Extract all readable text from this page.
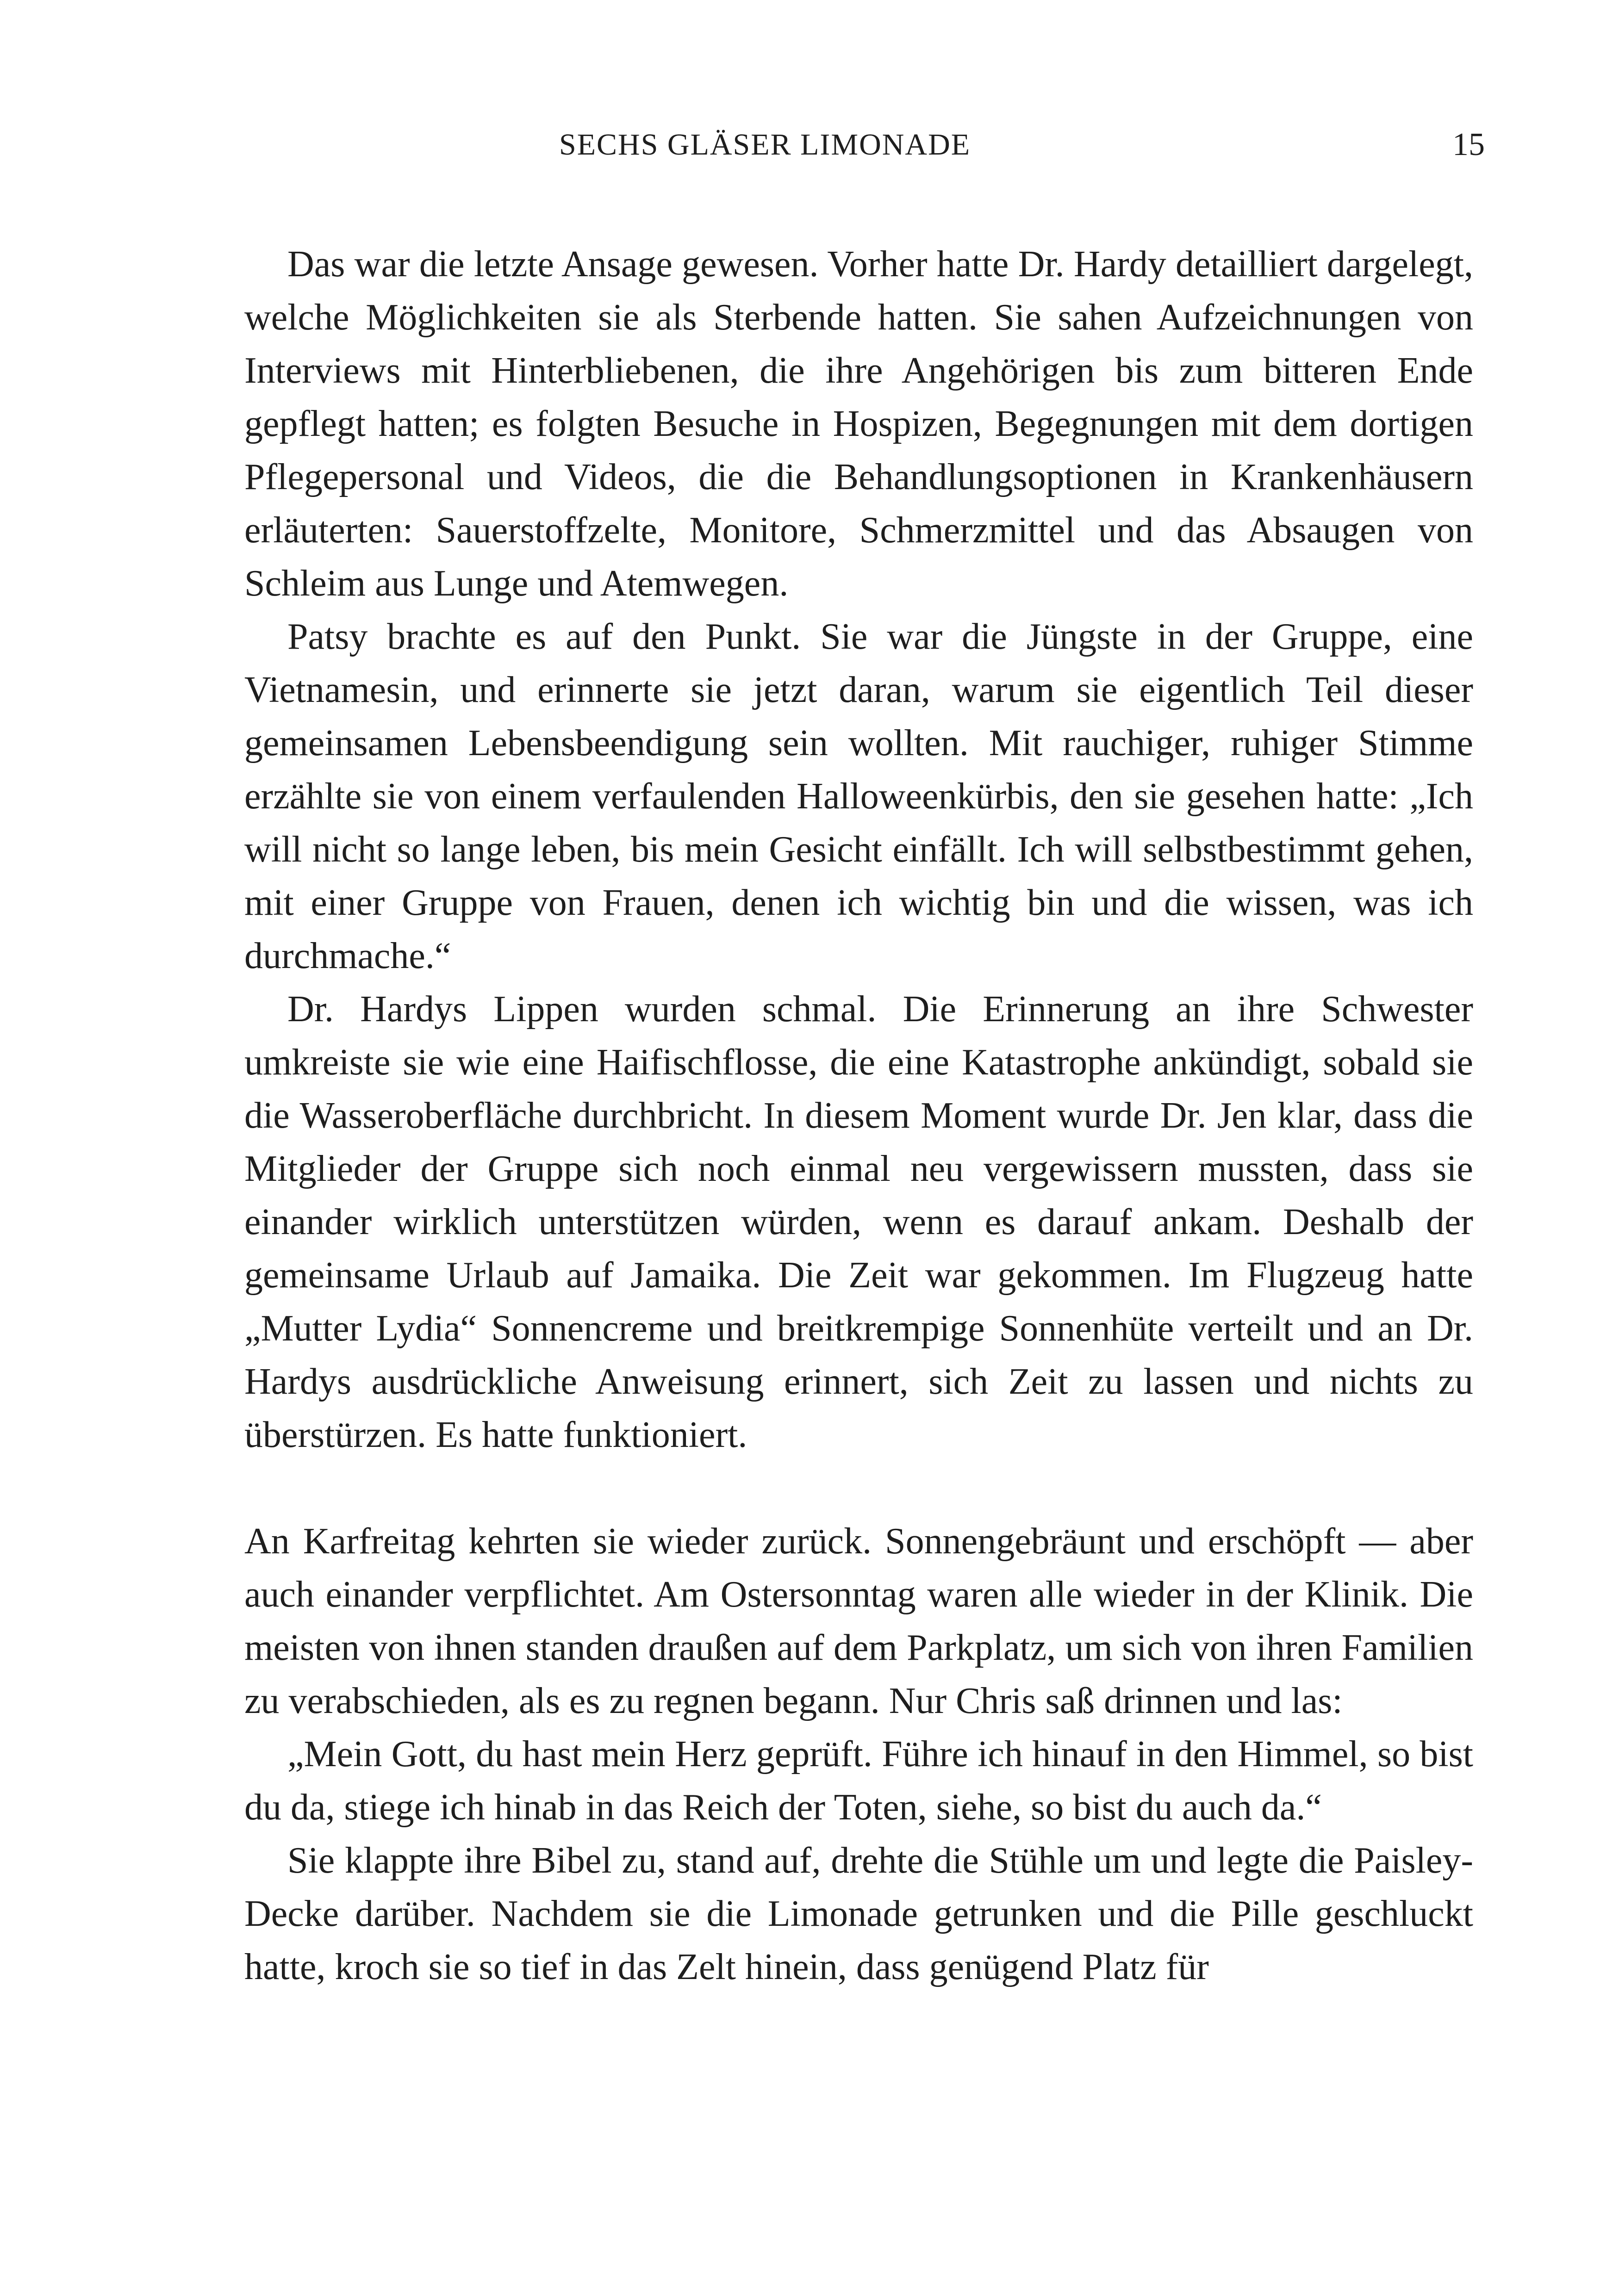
SECHS GLÄSER LIMONADE	15

Das war die letzte Ansage gewesen. Vorher hatte Dr. Hardy detailliert dargelegt, welche Möglichkeiten sie als Sterbende hatten. Sie sahen Aufzeichnungen von Interviews mit Hinterbliebenen, die ihre Angehörigen bis zum bitteren Ende gepflegt hatten; es folgten Besuche in Hospizen, Begegnungen mit dem dortigen Pflegepersonal und Videos, die die Behandlungsoptionen in Krankenhäusern erläuterten: Sauerstoffzelte, Monitore, Schmerzmittel und das Absaugen von Schleim aus Lunge und Atemwegen.

Patsy brachte es auf den Punkt. Sie war die Jüngste in der Gruppe, eine Vietnamesin, und erinnerte sie jetzt daran, warum sie eigentlich Teil dieser gemeinsamen Lebensbeendigung sein wollten. Mit rauchiger, ruhiger Stimme erzählte sie von einem verfaulenden Halloweenkürbis, den sie gesehen hatte: „Ich will nicht so lange leben, bis mein Gesicht einfällt. Ich will selbstbestimmt gehen, mit einer Gruppe von Frauen, denen ich wichtig bin und die wissen, was ich durchmache.“

Dr. Hardys Lippen wurden schmal. Die Erinnerung an ihre Schwester umkreiste sie wie eine Haifischflosse, die eine Katastrophe ankündigt, sobald sie die Wasseroberfläche durchbricht. In diesem Moment wurde Dr. Jen klar, dass die Mitglieder der Gruppe sich noch einmal neu vergewissern mussten, dass sie einander wirklich unterstützen würden, wenn es darauf ankam. Deshalb der gemeinsame Urlaub auf Jamaika. Die Zeit war gekommen. Im Flugzeug hatte „Mutter Lydia“ Sonnencreme und breitkrempige Sonnenhüte verteilt und an Dr. Hardys ausdrückliche Anweisung erinnert, sich Zeit zu lassen und nichts zu überstürzen. Es hatte funktioniert.

An Karfreitag kehrten sie wieder zurück. Sonnengebräunt und erschöpft — aber auch einander verpflichtet. Am Ostersonntag waren alle wieder in der Klinik. Die meisten von ihnen standen draußen auf dem Parkplatz, um sich von ihren Familien zu verabschieden, als es zu regnen begann. Nur Chris saß drinnen und las:

„Mein Gott, du hast mein Herz geprüft. Führe ich hinauf in den Himmel, so bist du da, stiege ich hinab in das Reich der Toten, siehe, so bist du auch da.“

Sie klappte ihre Bibel zu, stand auf, drehte die Stühle um und legte die Paisley-Decke darüber. Nachdem sie die Limonade getrunken und die Pille geschluckt hatte, kroch sie so tief in das Zelt hinein, dass genügend Platz für
